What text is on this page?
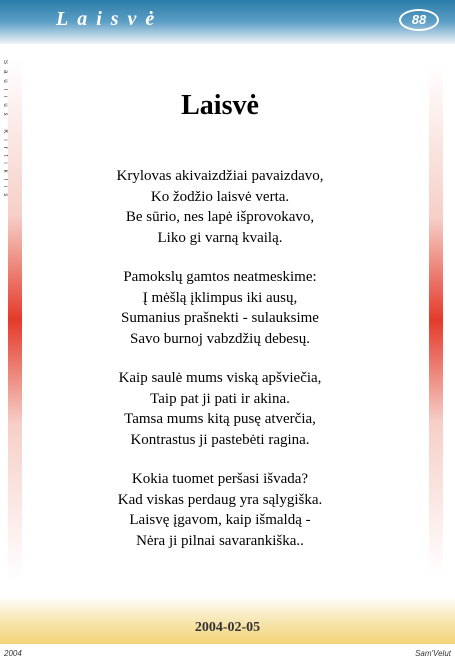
Laisvė	88
Saulius Kirtiklis	Laisvė
Krylovas akivaizdžiai pavaizdavo,
Ko žodžio laisvė verta.
Be sūrio, nes lapė išprovokavo,
Liko gi varną kvailą.
Pamokslų gamtos neatmeskime:
Į mėšlą įklimpus iki ausų,
Sumanius prašnekti - sulauksime
Savo burnoj vabzdžių debesų.
Kaip saulė mums viską apšviečia,
Taip pat ji pati ir akina.
Tamsa mums kitą pusę atverčia,
Kontrastus ji pastebėti ragina.
Kokia tuomet peršasi išvada?
Kad viskas perdaug yra sąlygiška.
Laisvę įgavom, kaip išmaldą -
Nėra ji pilnai savarankiška..
2004-02-05
2004	Sam'Velut
